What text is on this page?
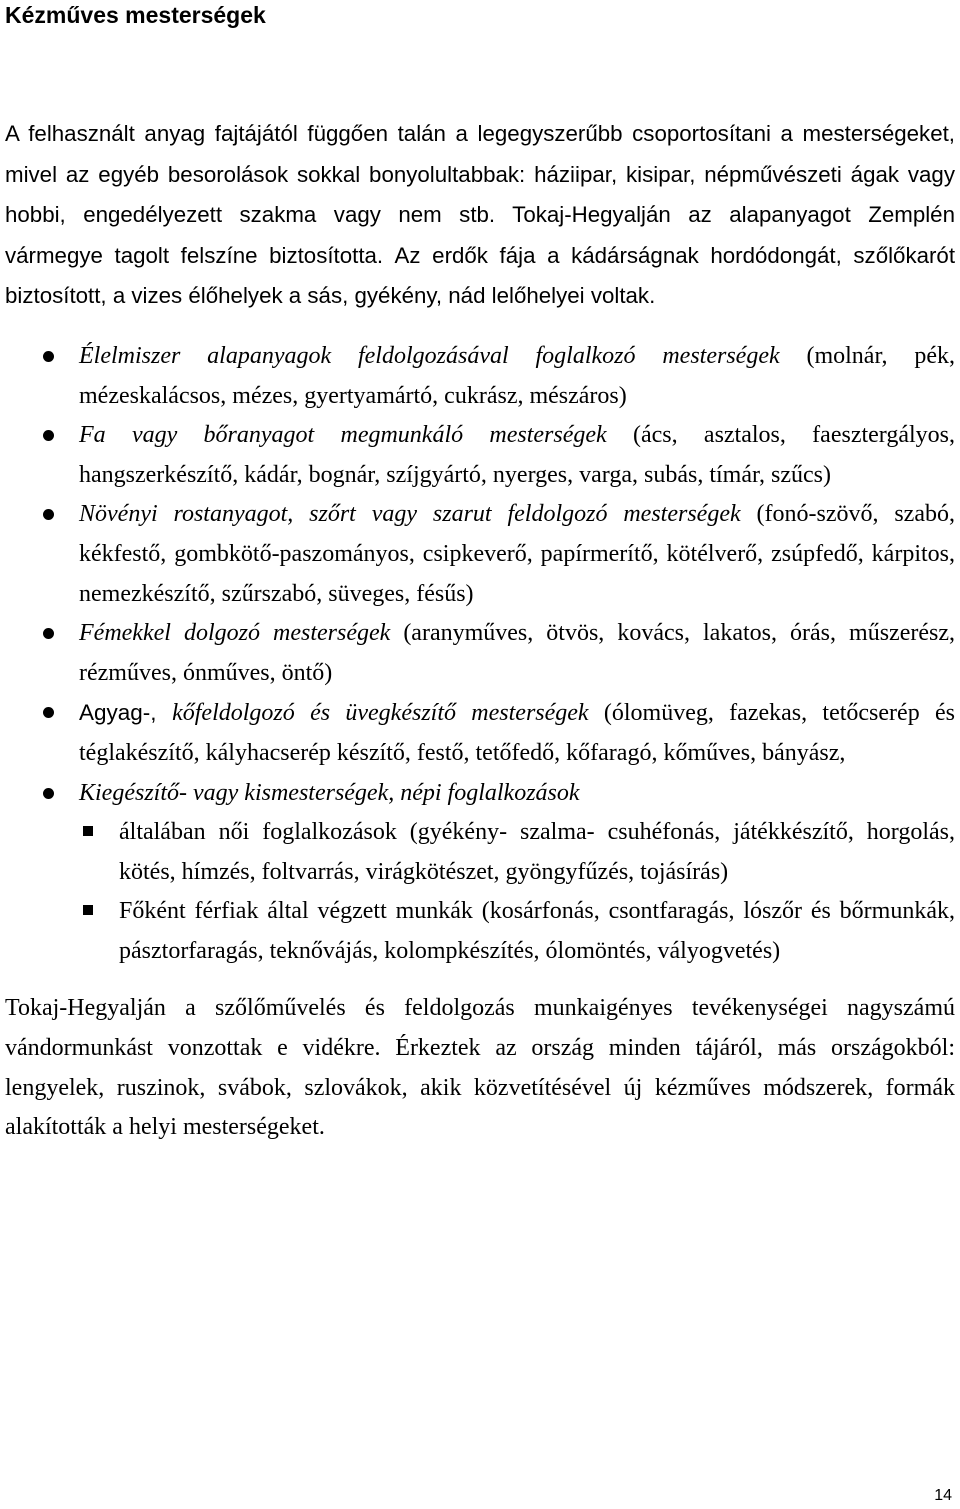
Kézműves mesterségek

A felhasznált anyag fajtájától függően talán a legegyszerűbb csoportosítani a mesterségeket, mivel az egyéb besorolások sokkal bonyolultabbak: háziipar, kisipar, népművészeti ágak vagy hobbi, engedélyezett szakma vagy nem stb. Tokaj-Hegyalján az alapanyagot Zemplén vármegye tagolt felszíne biztosította. Az erdők fája a kádárságnak hordódongát, szőlőkarót biztosított, a vizes élőhelyek a sás, gyékény, nád lelőhelyei voltak.

Élelmiszer alapanyagok feldolgozásával foglalkozó mesterségek (molnár, pék, mézeskalácsos, mézes, gyertyamártó, cukrász, mészáros)
Fa vagy bőranyagot megmunkáló mesterségek (ács, asztalos, faesztergályos, hangszerkészítő, kádár, bognár, szíjgyártó, nyerges, varga, subás, tímár, szűcs)
Növényi rostanyagot, szőrt vagy szarut feldolgozó mesterségek (fonó-szövő, szabó, kékfestő, gombkötő-paszományos, csipkeverő, papírmerítő, kötélverő, zsúpfedő, kárpitos, nemezkészítő, szűrszabó, süveges, fésűs)
Fémekkel dolgozó mesterségek (aranyműves, ötvös, kovács, lakatos, órás, műszerész, rézműves, ónműves, öntő)
Agyag-, kőfeldolgozó és üvegkészítő mesterségek (ólomüveg, fazekas, tetőcserép és téglakészítő, kályhacserép készítő, festő, tetőfedő, kőfaragó, kőműves, bányász,
Kiegészítő- vagy kismesterségek, népi foglalkozások
általában női foglalkozások (gyékény- szalma- csuhéfonás, játékkészítő, horgolás, kötés, hímzés, foltvarrás, virágkötészet, gyöngyfűzés, tojásírás)
Főként férfiak által végzett munkák (kosárfonás, csontfaragás, lószőr és bőrmunkák, pásztorfaragás, teknővájás, kolompkészítés, ólomöntés, vályogvetés)

Tokaj-Hegyalján a szőlőművelés és feldolgozás munkaigényes tevékenységei nagyszámú vándormunkást vonzottak e vidékre. Érkeztek az ország minden tájáról, más országokból: lengyelek, ruszinok, svábok, szlovákok, akik közvetítésével új kézműves módszerek, formák alakították a helyi mesterségeket.

14
